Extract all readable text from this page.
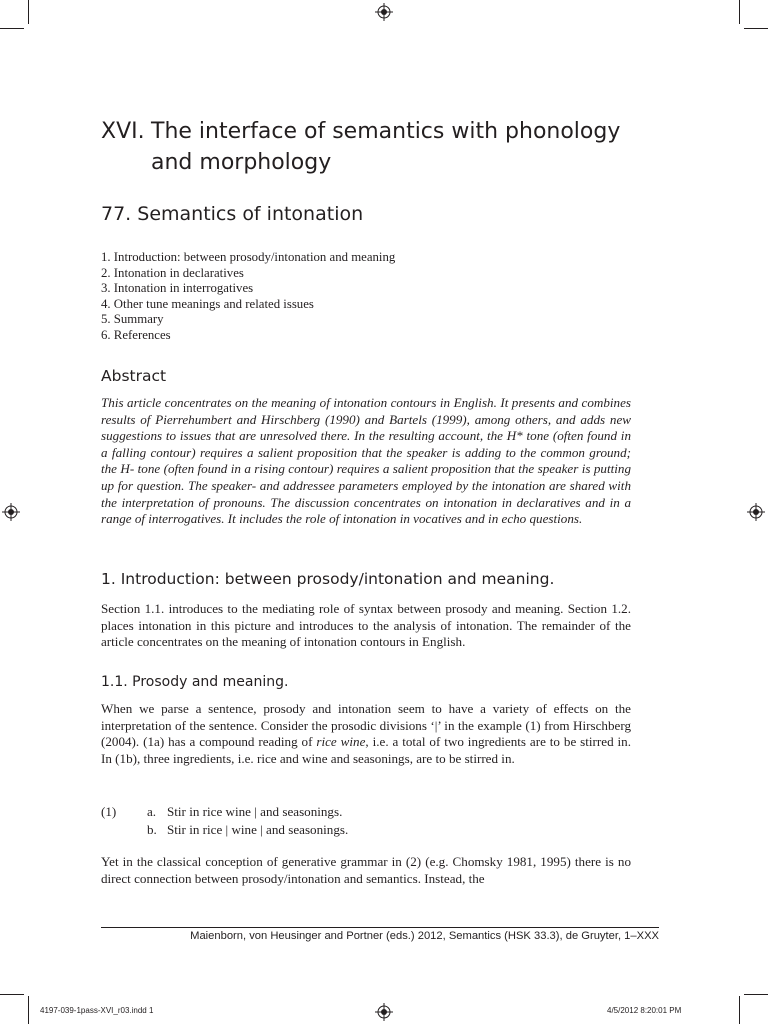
XVI. The interface of semantics with phonology
and morphology
77. Semantics of intonation
1. Introduction: between prosody/intonation and meaning
2. Intonation in declaratives
3. Intonation in interrogatives
4. Other tune meanings and related issues
5. Summary
6. References
Abstract

This article concentrates on the meaning of intonation contours in English. It presents and combines results of Pierrehumbert and Hirschberg (1990) and Bartels (1999), among others, and adds new suggestions to issues that are unresolved there. In the resulting account, the H* tone (often found in a falling contour) requires a salient proposition that the speaker is adding to the common ground; the H- tone (often found in a rising contour) requires a salient proposition that the speaker is putting up for question. The speaker- and addressee parameters employed by the intonation are shared with the interpretation of pronouns. The discussion concentrates on intonation in declaratives and in a range of interrogatives. It includes the role of intonation in vocatives and in echo questions.

1. Introduction: between prosody/intonation and meaning.

Section 1.1. introduces to the mediating role of syntax between prosody and meaning. Section 1.2. places intonation in this picture and introduces to the analysis of intonation. The remainder of the article concentrates on the meaning of intonation contours in English.

1.1. Prosody and meaning.

When we parse a sentence, prosody and intonation seem to have a variety of effects on the interpretation of the sentence. Consider the prosodic divisions ‘|’ in the example (1) from Hirschberg (2004). (1a) has a compound reading of rice wine, i.e. a total of two ingredients are to be stirred in. In (1b), three ingredients, i.e. rice and wine and seasonings, are to be stirred in.

(1)	a. Stir in rice wine | and seasonings.
b. Stir in rice | wine | and seasonings.

Yet in the classical conception of generative grammar in (2) (e.g. Chomsky 1981, 1995) there is no direct connection between prosody/intonation and semantics. Instead, the

Maienborn, von Heusinger and Portner (eds.) 2012, Semantics (HSK 33.3), de Gruyter, 1–XXX
4197-039-1pass-XVI_r03.indd 1	4/5/2012 8:20:01 PM
